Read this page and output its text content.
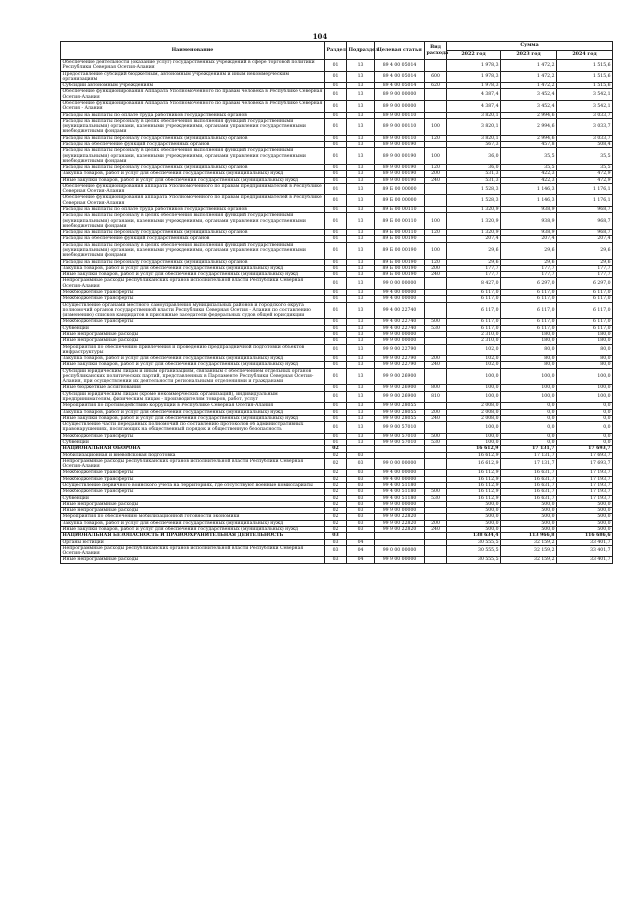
104
Наименование	Раздел	Подраздел	Целевая статья	Вид расхода	Сумма		
					2022 год	2023 год	2024 год
Обеспечение деятельности (оказание услуг) государственных учреждений в сфере торговой политики Республики Северная Осетия-Алания	01	13	89 4 00 05014		1 978,3	1 472,2	1 515,6
Предоставление субсидий бюджетным, автономным учреждениям и иным некоммерческим организациям	01	13	89 4 00 05014	600	1 978,3	1 472,2	1 515,6
Субсидии автономным учреждениям	01	13	89 4 00 05014	620	1 978,3	1 472,2	1 515,6
Обеспечение функционирования Аппарата Уполномоченного по правам человека в Республике Северная Осетия-Алания	01	13	89 9 00 00000		4 387,4	3 452,4	3 542,1
Обеспечение функционирования Аппарата Уполномоченного по правам человека в Республике Северная Осетия - Алания	01	13	89 9 00 00000		4 387,4	3 452,4	3 542,1
Расходы на выплаты по оплате труда работников государственных органов	01	13	89 9 00 00110		3 820,1	2 994,6	3 033,7
Расходы на выплаты персоналу в целях обеспечения выполнения функций государственными (муниципальными) органами, казенными учреждениями, органами управления государственными внебюджетными фондами	01	13	89 9 00 00110	100	3 820,1	2 994,6	3 033,7
Расходы на выплаты персоналу государственных (муниципальных) органов	01	13	89 9 00 00110	120	3 820,1	2 994,6	3 033,7
Расходы на обеспечение функций государственных органов	01	13	89 9 00 00190		567,3	457,8	508,4
Расходы на выплаты персоналу в целях обеспечения выполнения функций государственными (муниципальными) органами, казенными учреждениями, органами управления государственными внебюджетными фондами	01	13	89 9 00 00190	100	36,0	35,5	35,5
Расходы на выплаты персоналу государственных (муниципальных) органов	01	13	89 9 00 00190	120	36,0	35,5	35,5
Закупка товаров, работ и услуг для обеспечения государственных (муниципальных) нужд	01	13	89 9 00 00190	200	531,3	422,3	472,9
Иные закупки товаров, работ и услуг для обеспечения государственных (муниципальных) нужд	01	13	89 9 00 00190	240	531,3	422,3	472,9
Обеспечение функционирования аппарата Уполномоченного по правам предпринимателей в Республике Северная Осетия-Алания	01	13	89 Б 00 00000		1 528,3	1 146,3	1 176,1
Обеспечение функционирования аппарата Уполномоченного по правам предпринимателей в Республике Северная Осетия-Алания	01	13	89 Б 00 00000		1 528,3	1 146,3	1 176,1
Расходы на выплаты по оплате труда работников государственных органов	01	13	89 Б 00 00110		1 320,9	938,9	968,7
Расходы на выплаты персоналу в целях обеспечения выполнения функций государственными (муниципальными) органами, казенными учреждениями, органами управления государственными внебюджетными фондами	01	13	89 Б 00 00110	100	1 320,9	938,9	968,7
Расходы на выплаты персоналу государственных (муниципальных) органов	01	13	89 Б 00 00110	120	1 320,9	938,9	968,7
Расходы на обеспечение функций государственных органов	01	13	89 Б 00 00190		207,4	207,4	207,4
Расходы на выплаты персоналу в целях обеспечения выполнения функций государственными (муниципальными) органами, казенными учреждениями, органами управления государственными внебюджетными фондами	01	13	89 Б 00 00190	100	29,6	29,6	29,6
Расходы на выплаты персоналу государственных (муниципальных) органов	01	13	89 Б 00 00190	120	29,6	29,6	29,6
Закупка товаров, работ и услуг для обеспечения государственных (муниципальных) нужд	01	13	89 Б 00 00190	200	177,7	177,7	177,7
Иные закупки товаров, работ и услуг для обеспечения государственных (муниципальных) нужд	01	13	89 Б 00 00190	240	177,7	177,7	177,7
Непрограммные расходы республиканских органов исполнительной власти Республики Северная Осетия-Алания	01	13	99 0 00 00000		8 427,0	6 297,0	6 297,0
Межбюджетные трансферты	01	13	99 4 00 00000		6 117,0	6 117,0	6 117,0
Межбюджетные трансферты	01	13	99 4 00 00000		6 117,0	6 117,0	6 117,0
Осуществление органами местного самоуправления муниципальных районов и городского округа полномочий органов государственной власти Республики Северная Осетия - Алания по составлению (изменению) списков кандидатов в присяжные заседатели федеральных судов общей юрисдикции	01	13	99 4 00 22740		6 117,0	6 117,0	6 117,0
Межбюджетные трансферты	01	13	99 4 00 22740	500	6 117,0	6 117,0	6 117,0
Субвенции	01	13	99 4 00 22740	530	6 117,0	6 117,0	6 117,0
Иные непрограммные расходы	01	13	99 9 00 00000		2 310,0	180,0	180,0
Иные непрограммные расходы	01	13	99 9 00 00000		2 310,0	180,0	180,0
Мероприятия по обеспечению привлечения и проведению предпраздничной подготовки объектов инфраструктуры	01	13	99 9 00 22790		102,0	80,0	80,0
Закупка товаров, работ и услуг для обеспечения государственных (муниципальных) нужд	01	13	99 9 00 22790	200	102,0	80,0	80,0
Иные закупки товаров, работ и услуг для обеспечения государственных (муниципальных) нужд	01	13	99 9 00 22790	240	102,0	80,0	80,0
Субсидии юридическим лицам и иным организациям, связанным с обеспечением отдельных органов республиканских политических партий, представленных в Парламенте Республики Северная Осетия-Алания, при осуществлении их деятельности региональными отделениями и гражданами	01	13	99 9 00 26900		100,0	100,0	100,0
Иные бюджетные ассигнования	01	13	99 9 00 26900	800	100,0	100,0	100,0
Субсидии юридическим лицам (кроме некоммерческих организаций), индивидуальным предпринимателям, физическим лицам - производителям товаров, работ, услуг	01	13	99 9 00 26900	810	100,0	100,0	100,0
Мероприятия по противодействию коррупции в Республике Северная Осетия-Алания	01	13	99 9 00 28055		2 008,0	0,0	0,0
Закупка товаров, работ и услуг для обеспечения государственных (муниципальных) нужд	01	13	99 9 00 28055	200	2 008,0	0,0	0,0
Иные закупки товаров, работ и услуг для обеспечения государственных (муниципальных) нужд	01	13	99 9 00 28055	240	2 008,0	0,0	0,0
Осуществление части переданных полномочий по составлению протоколов об административных правонарушениях, посягающих на общественный порядок и общественную безопасность	01	13	99 9 00 57010		100,0	0,0	0,0
Межбюджетные трансферты	01	13	99 9 00 57010	500	100,0	0,0	0,0
Субвенции	01	13	99 9 00 57010	530	100,0	0,0	0,0
НАЦИОНАЛЬНАЯ ОБОРОНА	02				16 612,9	17 131,7	17 693,7
Мобилизационная и вневойсковая подготовка	02	03			16 612,9	17 131,7	17 693,7
Непрограммные расходы республиканских органов исполнительной власти Республики Северная Осетия-Алания	02	03	99 0 00 00000		16 612,9	17 131,7	17 693,7
Межбюджетные трансферты	02	03	99 4 00 00000		16 112,9	16 631,7	17 193,7
Межбюджетные трансферты	02	03	99 4 00 00000		16 112,9	16 631,7	17 193,7
Осуществление первичного воинского учета на территориях, где отсутствуют военные комиссариаты	02	03	99 4 00 51180		16 112,9	16 631,7	17 193,7
Межбюджетные трансферты	02	03	99 4 00 51180	500	16 112,9	16 631,7	17 193,7
Субвенции	02	03	99 4 00 51180	530	16 112,9	16 631,7	17 193,7
Иные непрограммные расходы	02	03	99 9 00 00000		500,0	500,0	500,0
Иные непрограммные расходы	02	03	99 9 00 00000		500,0	500,0	500,0
Мероприятия по обеспечению мобилизационной готовности экономики	02	03	99 9 00 22820		500,0	500,0	500,0
Закупка товаров, работ и услуг для обеспечения государственных (муниципальных) нужд	02	03	99 9 00 22820	200	500,0	500,0	500,0
Иные закупки товаров, работ и услуг для обеспечения государственных (муниципальных) нужд	02	03	99 9 00 22820	240	500,0	500,0	500,0
НАЦИОНАЛЬНАЯ БЕЗОПАСНОСТЬ И ПРАВООХРАНИТЕЛЬНАЯ ДЕЯТЕЛЬНОСТЬ	03				138 634,4	113 966,8	116 686,6
Органы юстиции	03	04			30 555,5	32 159,2	33 401,7
Непрограммные расходы республиканских органов исполнительной власти Республики Северная Осетия-Алания	03	04	99 0 00 00000		30 555,5	32 159,2	33 401,7
Иные непрограммные расходы	03	04	99 9 00 00000		30 555,5	32 159,2	33 401,7
